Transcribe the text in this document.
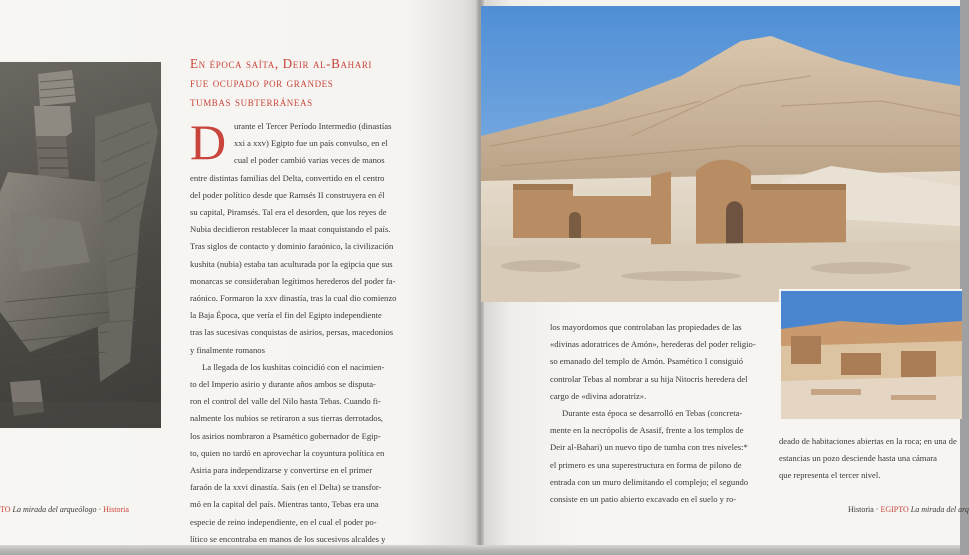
En época saíta, Deir al-Bahari
fue ocupado por grandes
tumbas subterráneas
D urante el Tercer Período Intermedio (dinastías
xxi a xxv) Egipto fue un país convulso, en el
cual el poder cambió varias veces de manos
entre distintas familias del Delta, convertido en el centro
del poder político desde que Ramsés II construyera en él
su capital, Piramsés. Tal era el desorden, que los reyes de
Nubia decidieron restablecer la maat conquistando el país.
Tras siglos de contacto y dominio faraónico, la civilización
kushita (nubia) estaba tan aculturada por la egipcia que sus
monarcas se consideraban legítimos herederos del poder fa-
raónico. Formaron la xxv dinastía, tras la cual dio comienzo
la Baja Época, que vería el fin del Egipto independiente
tras las sucesivas conquistas de asirios, persas, macedonios
y finalmente romanos
La llegada de los kushitas coincidió con el nacimien-
to del Imperio asirio y durante años ambos se disputa-
ron el control del valle del Nilo hasta Tebas. Cuando fi-
nalmente los nubios se retiraron a sus tierras derrotados,
los asirios nombraron a Psamético gobernador de Egip-
to, quien no tardó en aprovechar la coyuntura política en
Asiria para independizarse y convertirse en el primer
faraón de la xxvi dinastía. Sais (en el Delta) se transfor-
mó en la capital del país. Mientras tanto, Tebas era una
especie de reino independiente, en el cual el poder po-
lítico se encontraba en manos de los sucesivos alcaldes y
los mayordomos que controlaban las propiedades de las
«divinas adoratrices de Amón», herederas del poder religio-
so emanado del templo de Amón. Psamético I consiguió
controlar Tebas al nombrar a su hija Nitocris heredera del
cargo de «divina adoratriz».
Durante esta época se desarrolló en Tebas (concreta-
mente en la necrópolis de Asasif, frente a los templos de
Deir al-Bahari) un nuevo tipo de tumba con tres niveles:*
el primero es una superestructura en forma de pilono de
entrada con un muro delimitando el complejo; el segundo
consiste en un patio abierto excavado en el suelo y ro-
deado de habitaciones abiertas en la roca; en una de
estancias un pozo desciende hasta una cámara
que representa el tercer nivel.
TO La mirada del arqueólogo · Historia	Historia · EGIPTO La mirada del arq
